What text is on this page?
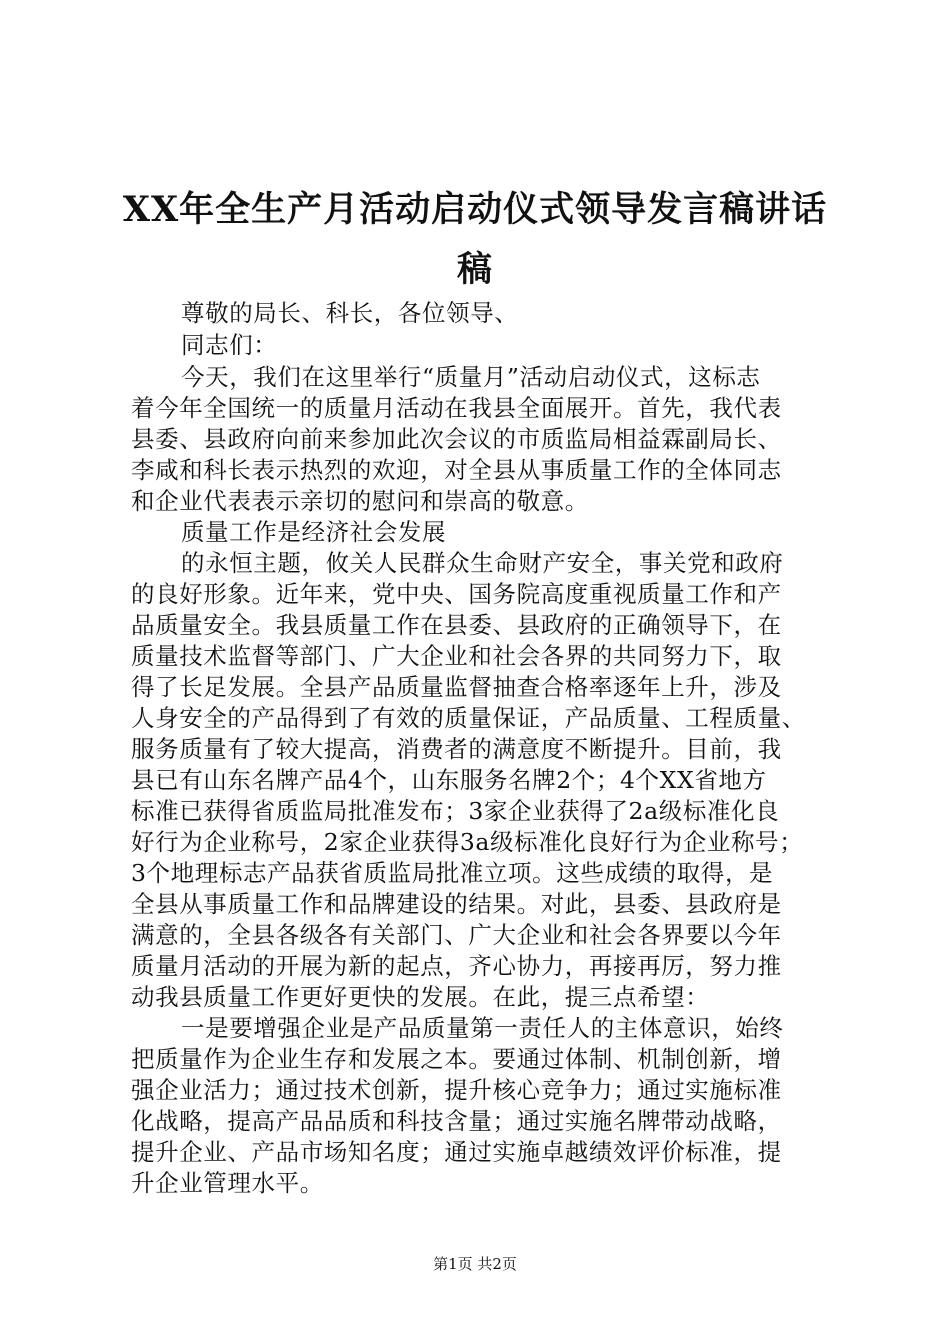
XX年全生产月活动启动仪式领导发言稿讲话
稿
尊敬的局长、科长，各位领导、
同志们：
今天，我们在这里举行“质量月”活动启动仪式，这标志
着今年全国统一的质量月活动在我县全面展开。首先，我代表
县委、县政府向前来参加此次会议的市质监局相益霖副局长、
李咸和科长表示热烈的欢迎，对全县从事质量工作的全体同志
和企业代表表示亲切的慰问和崇高的敬意。
质量工作是经济社会发展
的永恒主题，攸关人民群众生命财产安全，事关党和政府
的良好形象。近年来，党中央、国务院高度重视质量工作和产
品质量安全。我县质量工作在县委、县政府的正确领导下，在
质量技术监督等部门、广大企业和社会各界的共同努力下，取
得了长足发展。全县产品质量监督抽查合格率逐年上升，涉及
人身安全的产品得到了有效的质量保证，产品质量、工程质量、
服务质量有了较大提高，消费者的满意度不断提升。目前，我
县已有山东名牌产品4个，山东服务名牌2个；4个XX省地方
标准已获得省质监局批准发布；3家企业获得了2a级标准化良
好行为企业称号，2家企业获得3a级标准化良好行为企业称号；
3个地理标志产品获省质监局批准立项。这些成绩的取得，是
全县从事质量工作和品牌建设的结果。对此，县委、县政府是
满意的，全县各级各有关部门、广大企业和社会各界要以今年
质量月活动的开展为新的起点，齐心协力，再接再厉，努力推
动我县质量工作更好更快的发展。在此，提三点希望：
一是要增强企业是产品质量第一责任人的主体意识，始终
把质量作为企业生存和发展之本。要通过体制、机制创新，增
强企业活力；通过技术创新，提升核心竞争力；通过实施标准
化战略，提高产品品质和科技含量；通过实施名牌带动战略，
提升企业、产品市场知名度；通过实施卓越绩效评价标准，提
升企业管理水平。
第1页 共2页
